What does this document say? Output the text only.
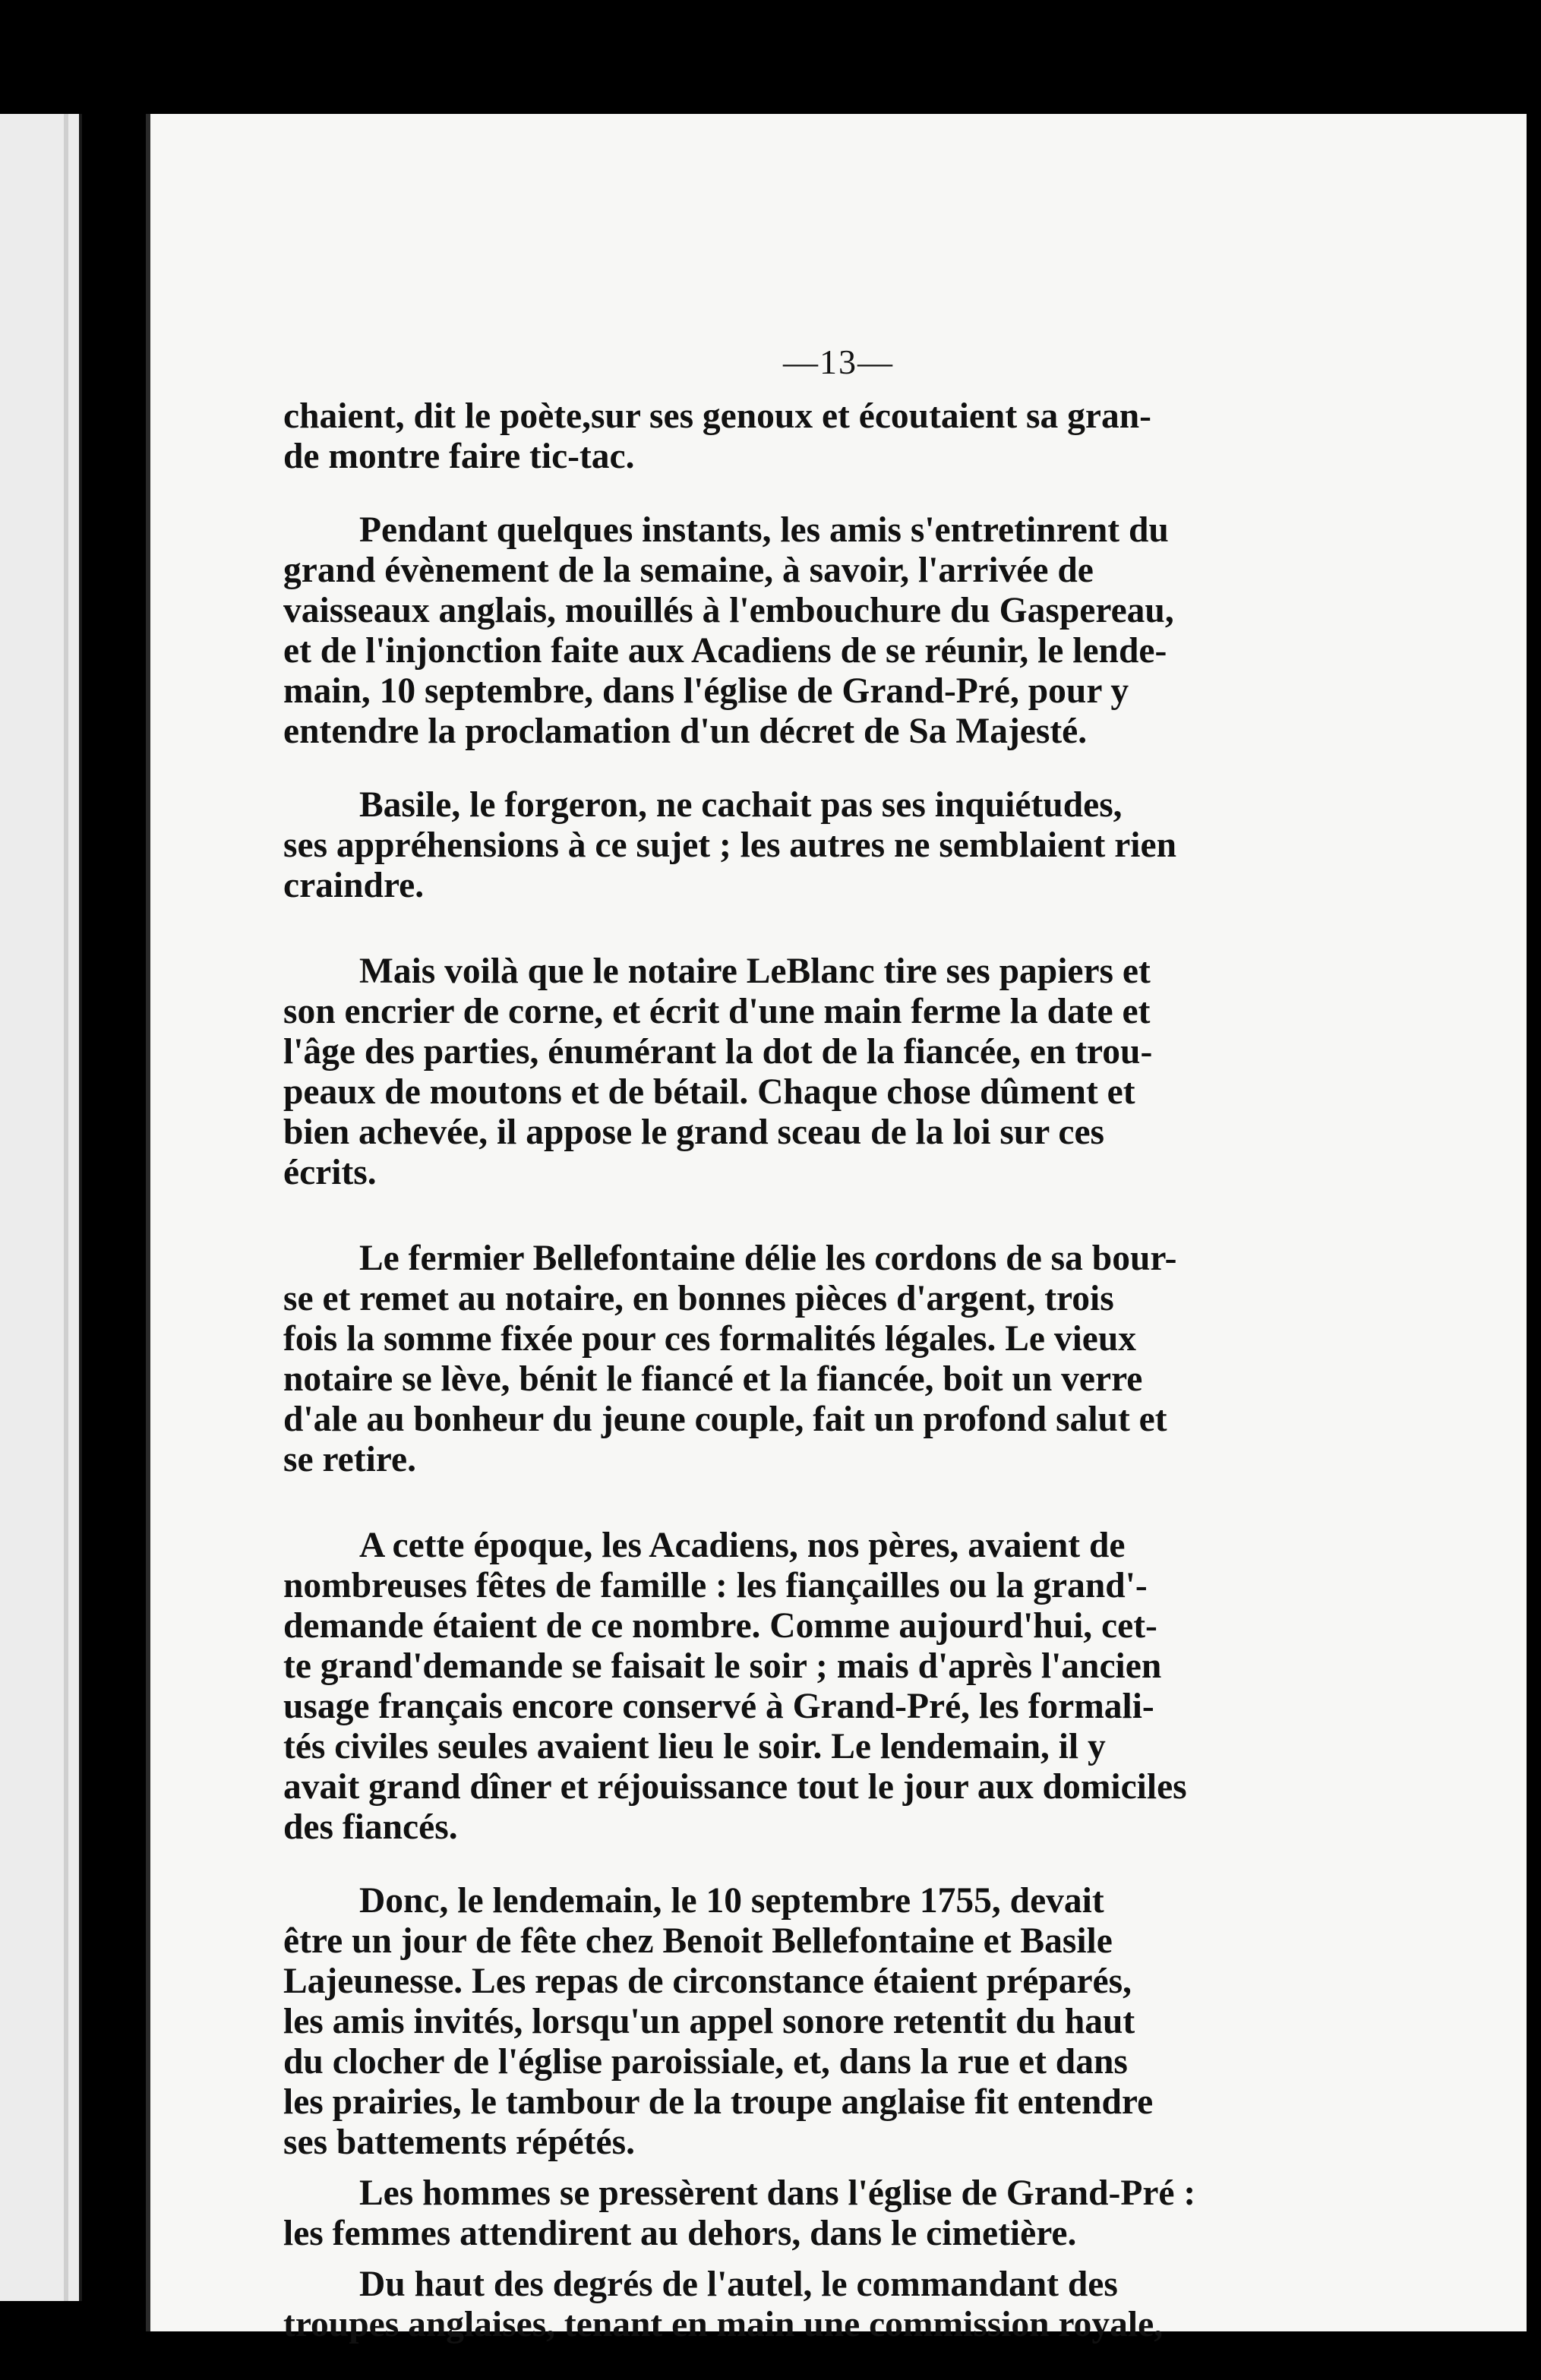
—13—

chaient, dit le poète,sur ses genoux et écoutaient sa gran-
de montre faire tic-tac.

Pendant quelques instants, les amis s'entretinrent du
grand évènement de la semaine, à savoir, l'arrivée de
vaisseaux anglais, mouillés à l'embouchure du Gaspereau,
et de l'injonction faite aux Acadiens de se réunir, le lende-
main, 10 septembre, dans l'église de Grand-Pré, pour y
entendre la proclamation d'un décret de Sa Majesté.

Basile, le forgeron, ne cachait pas ses inquiétudes,
ses appréhensions à ce sujet ; les autres ne semblaient rien
craindre.

Mais voilà que le notaire LeBlanc tire ses papiers et
son encrier de corne, et écrit d'une main ferme la date et
l'âge des parties, énumérant la dot de la fiancée, en trou-
peaux de moutons et de bétail. Chaque chose dûment et
bien achevée, il appose le grand sceau de la loi sur ces
écrits.

Le fermier Bellefontaine délie les cordons de sa bour-
se et remet au notaire, en bonnes pièces d'argent, trois
fois la somme fixée pour ces formalités légales. Le vieux
notaire se lève, bénit le fiancé et la fiancée, boit un verre
d'ale au bonheur du jeune couple, fait un profond salut et
se retire.

A cette époque, les Acadiens, nos pères, avaient de
nombreuses fêtes de famille : les fiançailles ou la grand'-
demande étaient de ce nombre. Comme aujourd'hui, cet-
te grand'demande se faisait le soir ; mais d'après l'ancien
usage français encore conservé à Grand-Pré, les formali-
tés civiles seules avaient lieu le soir. Le lendemain, il y
avait grand dîner et réjouissance tout le jour aux domiciles
des fiancés.

Donc, le lendemain, le 10 septembre 1755, devait
être un jour de fête chez Benoit Bellefontaine et Basile
Lajeunesse. Les repas de circonstance étaient préparés,
les amis invités, lorsqu'un appel sonore retentit du haut
du clocher de l'église paroissiale, et, dans la rue et dans
les prairies, le tambour de la troupe anglaise fit entendre
ses battements répétés.

Les hommes se pressèrent dans l'église de Grand-Pré :
les femmes attendirent au dehors, dans le cimetière.

Du haut des degrés de l'autel, le commandant des
troupes anglaises, tenant en main une commission royale,
